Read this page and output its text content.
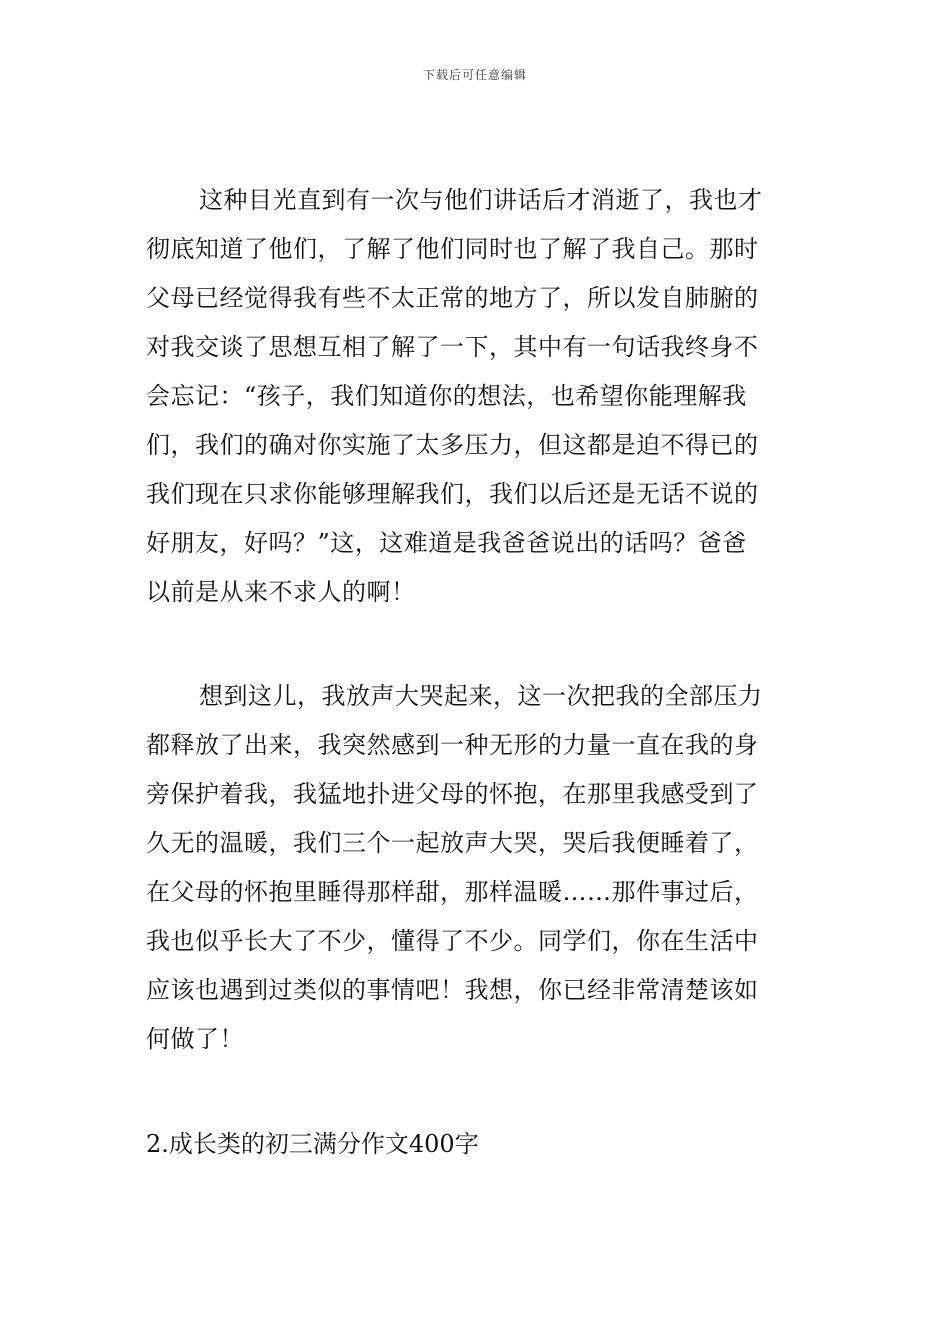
下载后可任意编辑
这种目光直到有一次与他们讲话后才消逝了，我也才
彻底知道了他们，了解了他们同时也了解了我自己。那时
父母已经觉得我有些不太正常的地方了，所以发自肺腑的
对我交谈了思想互相了解了一下，其中有一句话我终身不
会忘记：“孩子，我们知道你的想法，也希望你能理解我
们，我们的确对你实施了太多压力，但这都是迫不得已的
我们现在只求你能够理解我们，我们以后还是无话不说的
好朋友，好吗？”这，这难道是我爸爸说出的话吗？爸爸
以前是从来不求人的啊！
想到这儿，我放声大哭起来，这一次把我的全部压力
都释放了出来，我突然感到一种无形的力量一直在我的身
旁保护着我，我猛地扑进父母的怀抱，在那里我感受到了
久无的温暖，我们三个一起放声大哭，哭后我便睡着了，
在父母的怀抱里睡得那样甜，那样温暖……那件事过后，
我也似乎长大了不少，懂得了不少。同学们，你在生活中
应该也遇到过类似的事情吧！我想，你已经非常清楚该如
何做了！
2.成长类的初三满分作文400字
